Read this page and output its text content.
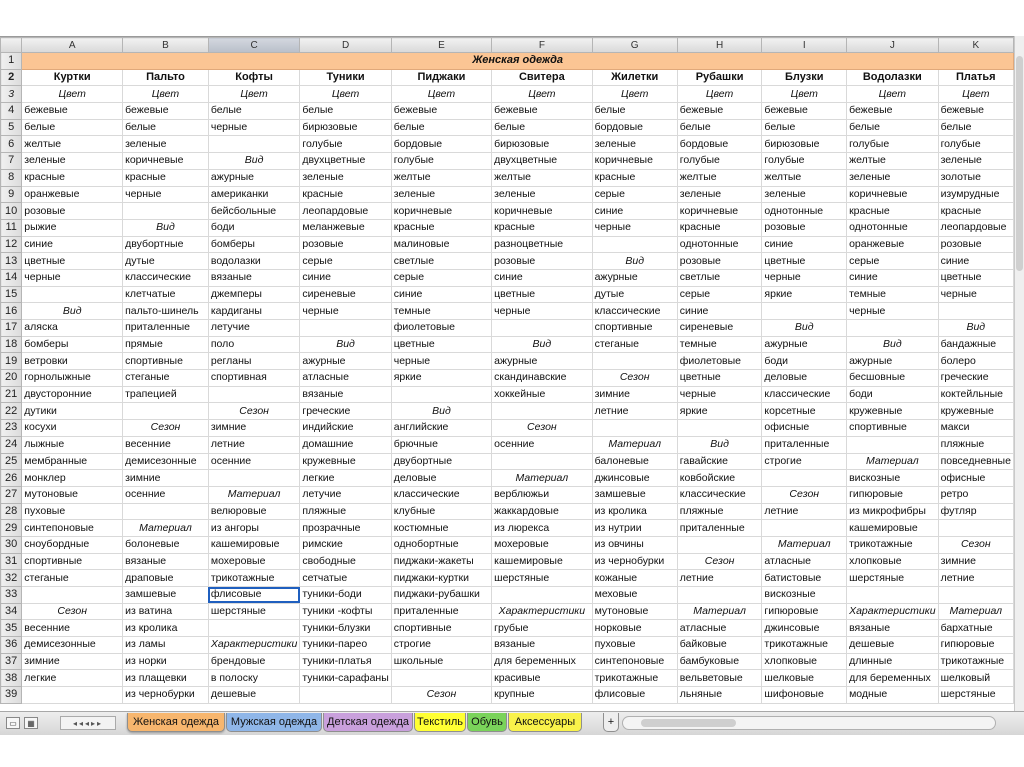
	A	B	C	D	E	F	G	H	I	J	K
1	Женская одежда										
2	Куртки	Пальто	Кофты	Туники	Пиджаки	Свитера	Жилетки	Рубашки	Блузки	Водолазки	Платья
3	Цвет	Цвет	Цвет	Цвет	Цвет	Цвет	Цвет	Цвет	Цвет	Цвет	Цвет
4	бежевые	бежевые	белые	белые	бежевые	бежевые	белые	бежевые	бежевые	бежевые	бежевые
5	белые	белые	черные	бирюзовые	белые	белые	бордовые	белые	белые	белые	белые
6	желтые	зеленые		голубые	бордовые	бирюзовые	зеленые	бордовые	бирюзовые	голубые	голубые
7	зеленые	коричневые	Вид	двухцветные	голубые	двухцветные	коричневые	голубые	голубые	желтые	зеленые
8	красные	красные	ажурные	зеленые	желтые	желтые	красные	желтые	желтые	зеленые	золотые
9	оранжевые	черные	американки	красные	зеленые	зеленые	серые	зеленые	зеленые	коричневые	изумрудные
10	розовые		бейсбольные	леопардовые	коричневые	коричневые	синие	коричневые	однотонные	красные	красные
11	рыжие	Вид	боди	меланжевые	красные	красные	черные	красные	розовые	однотонные	леопардовые
12	синие	двубортные	бомберы	розовые	малиновые	разноцветные		однотонные	синие	оранжевые	розовые
13	цветные	дутые	водолазки	серые	светлые	розовые	Вид	розовые	цветные	серые	синие
14	черные	классические	вязаные	синие	серые	синие	ажурные	светлые	черные	синие	цветные
15		клетчатые	джемперы	сиреневые	синие	цветные	дутые	серые	яркие	темные	черные
16	Вид	пальто-шинель	кардиганы	черные	темные	черные	классические	синие		черные	
17	аляска	приталенные	летучие		фиолетовые		спортивные	сиреневые	Вид		Вид
18	бомберы	прямые	поло	Вид	цветные	Вид	стеганые	темные	ажурные	Вид	бандажные
19	ветровки	спортивные	регланы	ажурные	черные	ажурные		фиолетовые	боди	ажурные	болеро
20	горнолыжные	стеганые	спортивная	атласные	яркие	скандинавские	Сезон	цветные	деловые	бесшовные	греческие
21	двусторонние	трапецией		вязаные		хоккейные	зимние	черные	классические	боди	коктейльные
22	дутики		Сезон	греческие	Вид		летние	яркие	корсетные	кружевные	кружевные
23	косухи	Сезон	зимние	индийские	английские	Сезон			офисные	спортивные	макси
24	лыжные	весенние	летние	домашние	брючные	осенние	Материал	Вид	приталенные		пляжные
25	мембранные	демисезонные	осенние	кружевные	двубортные		балоневые	гавайские	строгие	Материал	повседневные
26	монклер	зимние		легкие	деловые	Материал	джинсовые	ковбойские		вискозные	офисные
27	мутоновые	осенние	Материал	летучие	классические	верблюжьи	замшевые	классические	Сезон	гипюровые	ретро
28	пуховые		велюровые	пляжные	клубные	жаккардовые	из кролика	пляжные	летние	из микрофибры	футляр
29	синтепоновые	Материал	из ангоры	прозрачные	костюмные	из люрекса	из нутрии	приталенные		кашемировые	
30	сноубордные	болоневые	кашемировые	римские	однобортные	мохеровые	из овчины		Материал	трикотажные	Сезон
31	спортивные	вязаные	мохеровые	свободные	пиджаки-жакеты	кашемировые	из чернобурки	Сезон	атласные	хлопковые	зимние
32	стеганые	драповые	трикотажные	сетчатые	пиджаки-куртки	шерстяные	кожаные	летние	батистовые	шерстяные	летние
33		замшевые	флисовые	туники-боди	пиджаки-рубашки		меховые		вискозные		
34	Сезон	из ватина	шерстяные	туники -кофты	приталенные	Характеристики	мутоновые	Материал	гипюровые	Характеристики	Материал
35	весенние	из кролика		туники-блузки	спортивные	грубые	норковые	атласные	джинсовые	вязаные	бархатные
36	демисезонные	из ламы	Характеристики	туники-парео	строгие	вязаные	пуховые	байковые	трикотажные	дешевые	гипюровые
37	зимние	из норки	брендовые	туники-платья	школьные	для беременных	синтепоновые	бамбуковые	хлопковые	длинные	трикотажные
38	легкие	из плащевки	в полоску	туники-сарафаны		красивые	трикотажные	вельветовые	шелковые	для беременных	шелковый
39		из чернобурки	дешевые		Сезон	крупные	флисовые	льняные	шифоновые	модные	шерстяные
▭	▦	◂◂◂▸▸	Женская одежда	Мужская одежда Детская одежда Текстиль Обувь	Аксессуары	+
